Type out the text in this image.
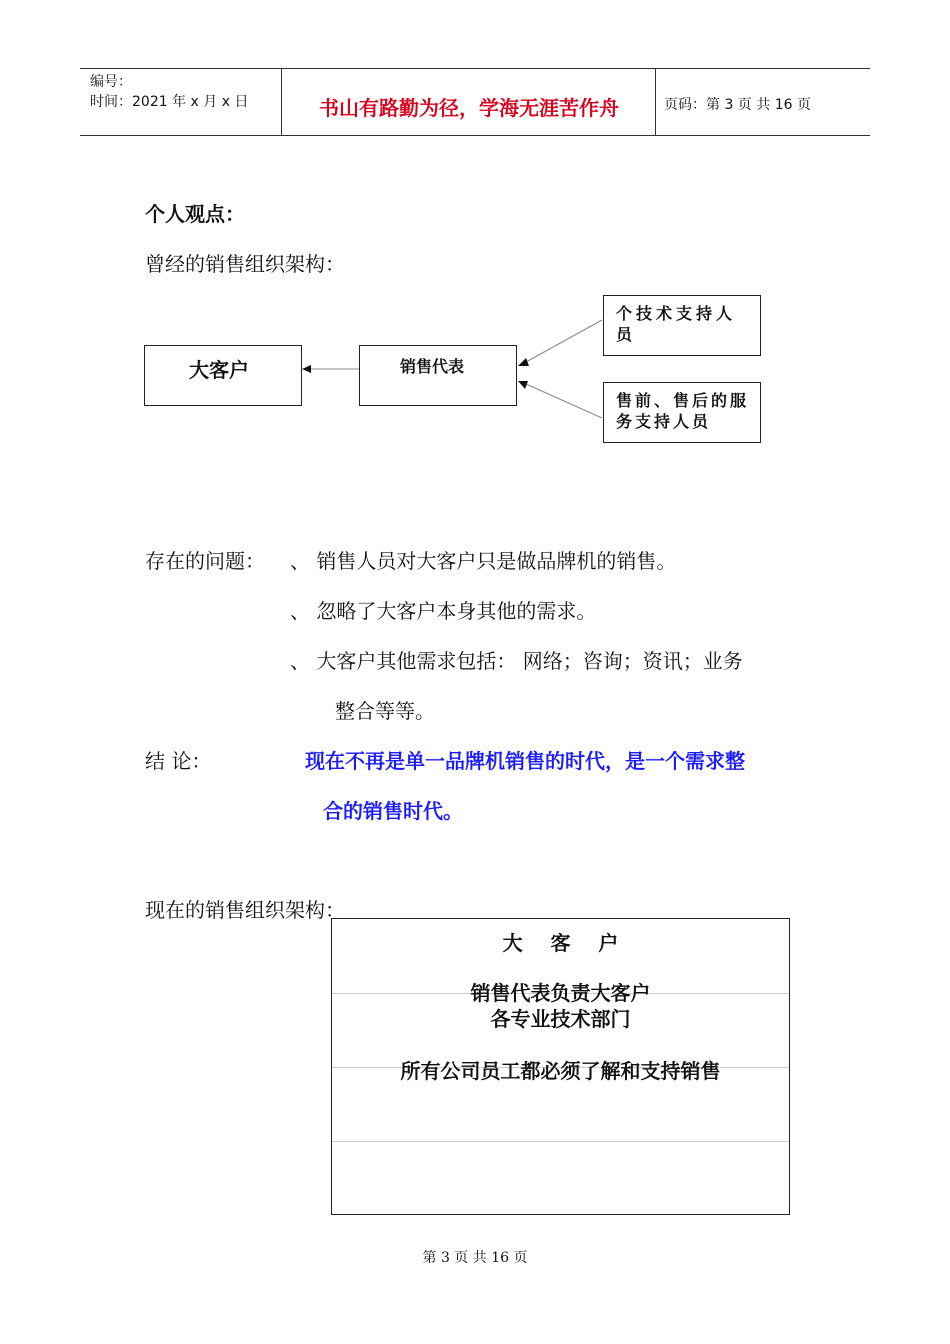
编号：
时间：2021 年 x 月 x 日	书山有路勤为径，学海无涯苦作舟	页码：第 3 页 共 16 页
个人观点：
曾经的销售组织架构：
大客户	销售代表
个技术支持人员
售前、售后的服务支持人员
存在的问题： 、 销售人员对大客户只是做品牌机的销售。
、 忽略了大客户本身其他的需求。
、 大客户其他需求包括： 网络；咨询；资讯；业务
整合等等。
结 论：	现在不再是单一品牌机销售的时代，是一个需求整
合的销售时代。
现在的销售组织架构：
大    客    户
销售代表负责大客户
各专业技术部门
所有公司员工都必须了解和支持销售
第 3 页 共 16 页
